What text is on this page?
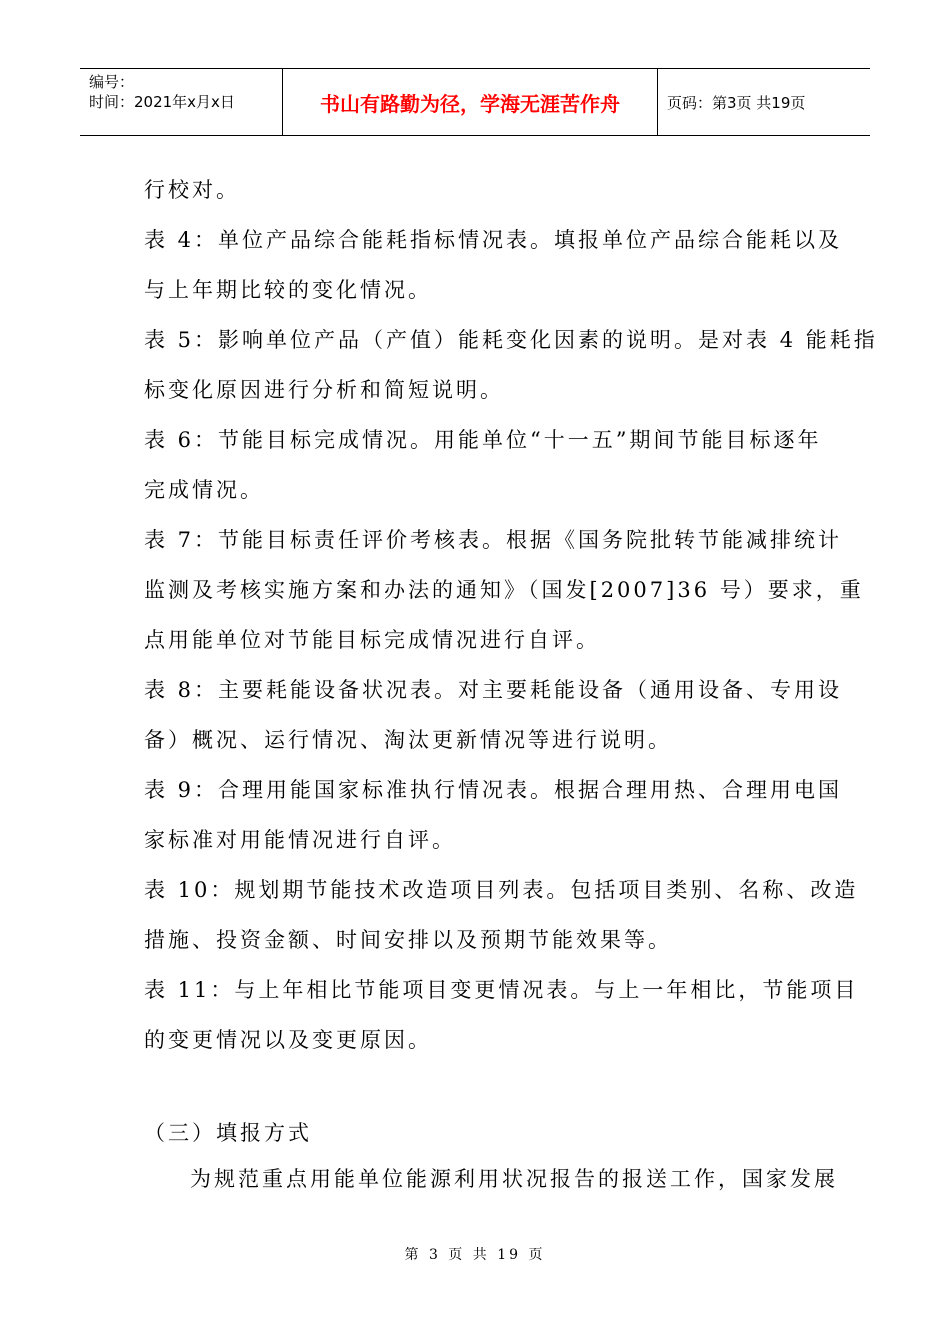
编号：
时间：2021年x月x日	书山有路勤为径，学海无涯苦作舟	页码：第3页 共19页

行校对。

表 4：单位产品综合能耗指标情况表。填报单位产品综合能耗以及

与上年期比较的变化情况。

表 5：影响单位产品（产值）能耗变化因素的说明。是对表 4 能耗指

标变化原因进行分析和简短说明。

表 6：节能目标完成情况。用能单位“十一五”期间节能目标逐年

完成情况。

表 7：节能目标责任评价考核表。根据《国务院批转节能减排统计

监测及考核实施方案和办法的通知》（国发[2007]36 号）要求，重

点用能单位对节能目标完成情况进行自评。

表 8：主要耗能设备状况表。对主要耗能设备（通用设备、专用设

备）概况、运行情况、淘汰更新情况等进行说明。

表 9：合理用能国家标准执行情况表。根据合理用热、合理用电国

家标准对用能情况进行自评。

表 10：规划期节能技术改造项目列表。包括项目类别、名称、改造

措施、投资金额、时间安排以及预期节能效果等。

表 11：与上年相比节能项目变更情况表。与上一年相比，节能项目

的变更情况以及变更原因。

（三）填报方式
为规范重点用能单位能源利用状况报告的报送工作，国家发展
第 3 页 共 19 页
